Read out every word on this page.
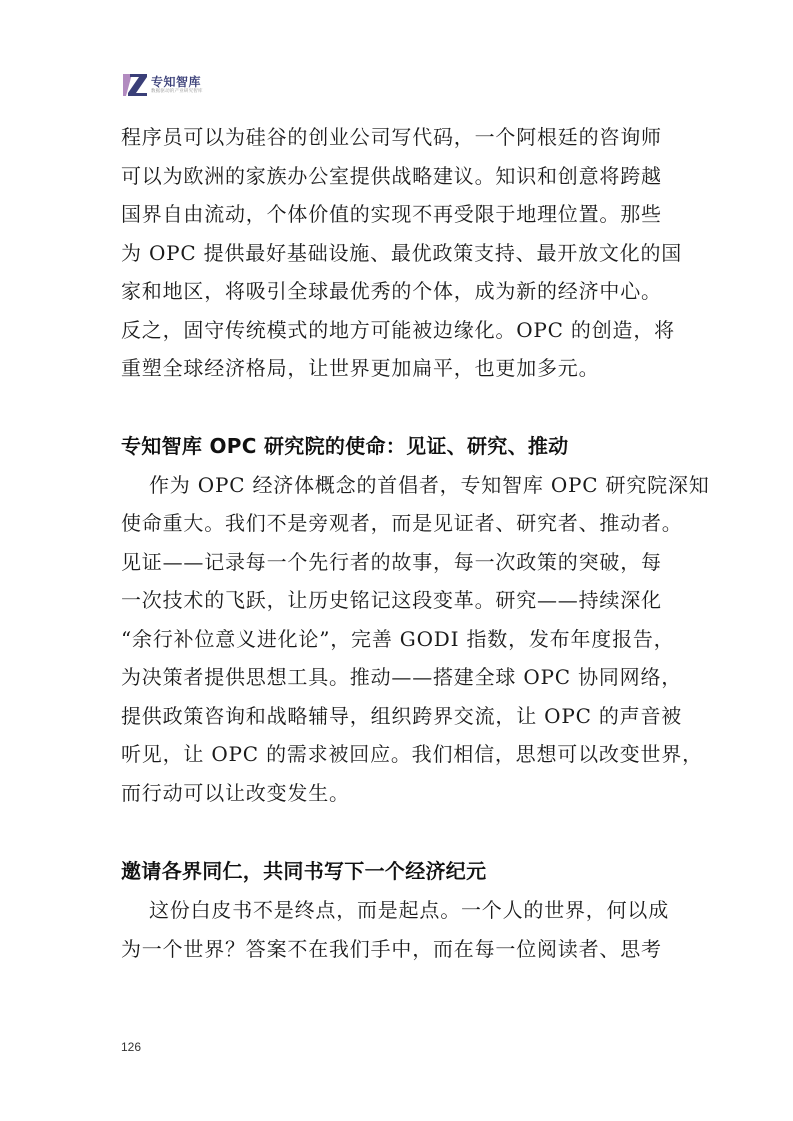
专知智库
数据驱动的产业研究智库

程序员可以为硅谷的创业公司写代码，一个阿根廷的咨询师
可以为欧洲的家族办公室提供战略建议。知识和创意将跨越
国界自由流动，个体价值的实现不再受限于地理位置。那些
为 OPC 提供最好基础设施、最优政策支持、最开放文化的国
家和地区，将吸引全球最优秀的个体，成为新的经济中心。
反之，固守传统模式的地方可能被边缘化。OPC 的创造，将
重塑全球经济格局，让世界更加扁平，也更加多元。

专知智库 OPC 研究院的使命：见证、研究、推动

作为 OPC 经济体概念的首倡者，专知智库 OPC 研究院深知
使命重大。我们不是旁观者，而是见证者、研究者、推动者。
见证——记录每一个先行者的故事，每一次政策的突破，每
一次技术的飞跃，让历史铭记这段变革。研究——持续深化
“余行补位意义进化论”，完善 GODI 指数，发布年度报告，
为决策者提供思想工具。推动——搭建全球 OPC 协同网络，
提供政策咨询和战略辅导，组织跨界交流，让 OPC 的声音被
听见，让 OPC 的需求被回应。我们相信，思想可以改变世界，
而行动可以让改变发生。

邀请各界同仁，共同书写下一个经济纪元

这份白皮书不是终点，而是起点。一个人的世界，何以成
为一个世界？答案不在我们手中，而在每一位阅读者、思考

126
